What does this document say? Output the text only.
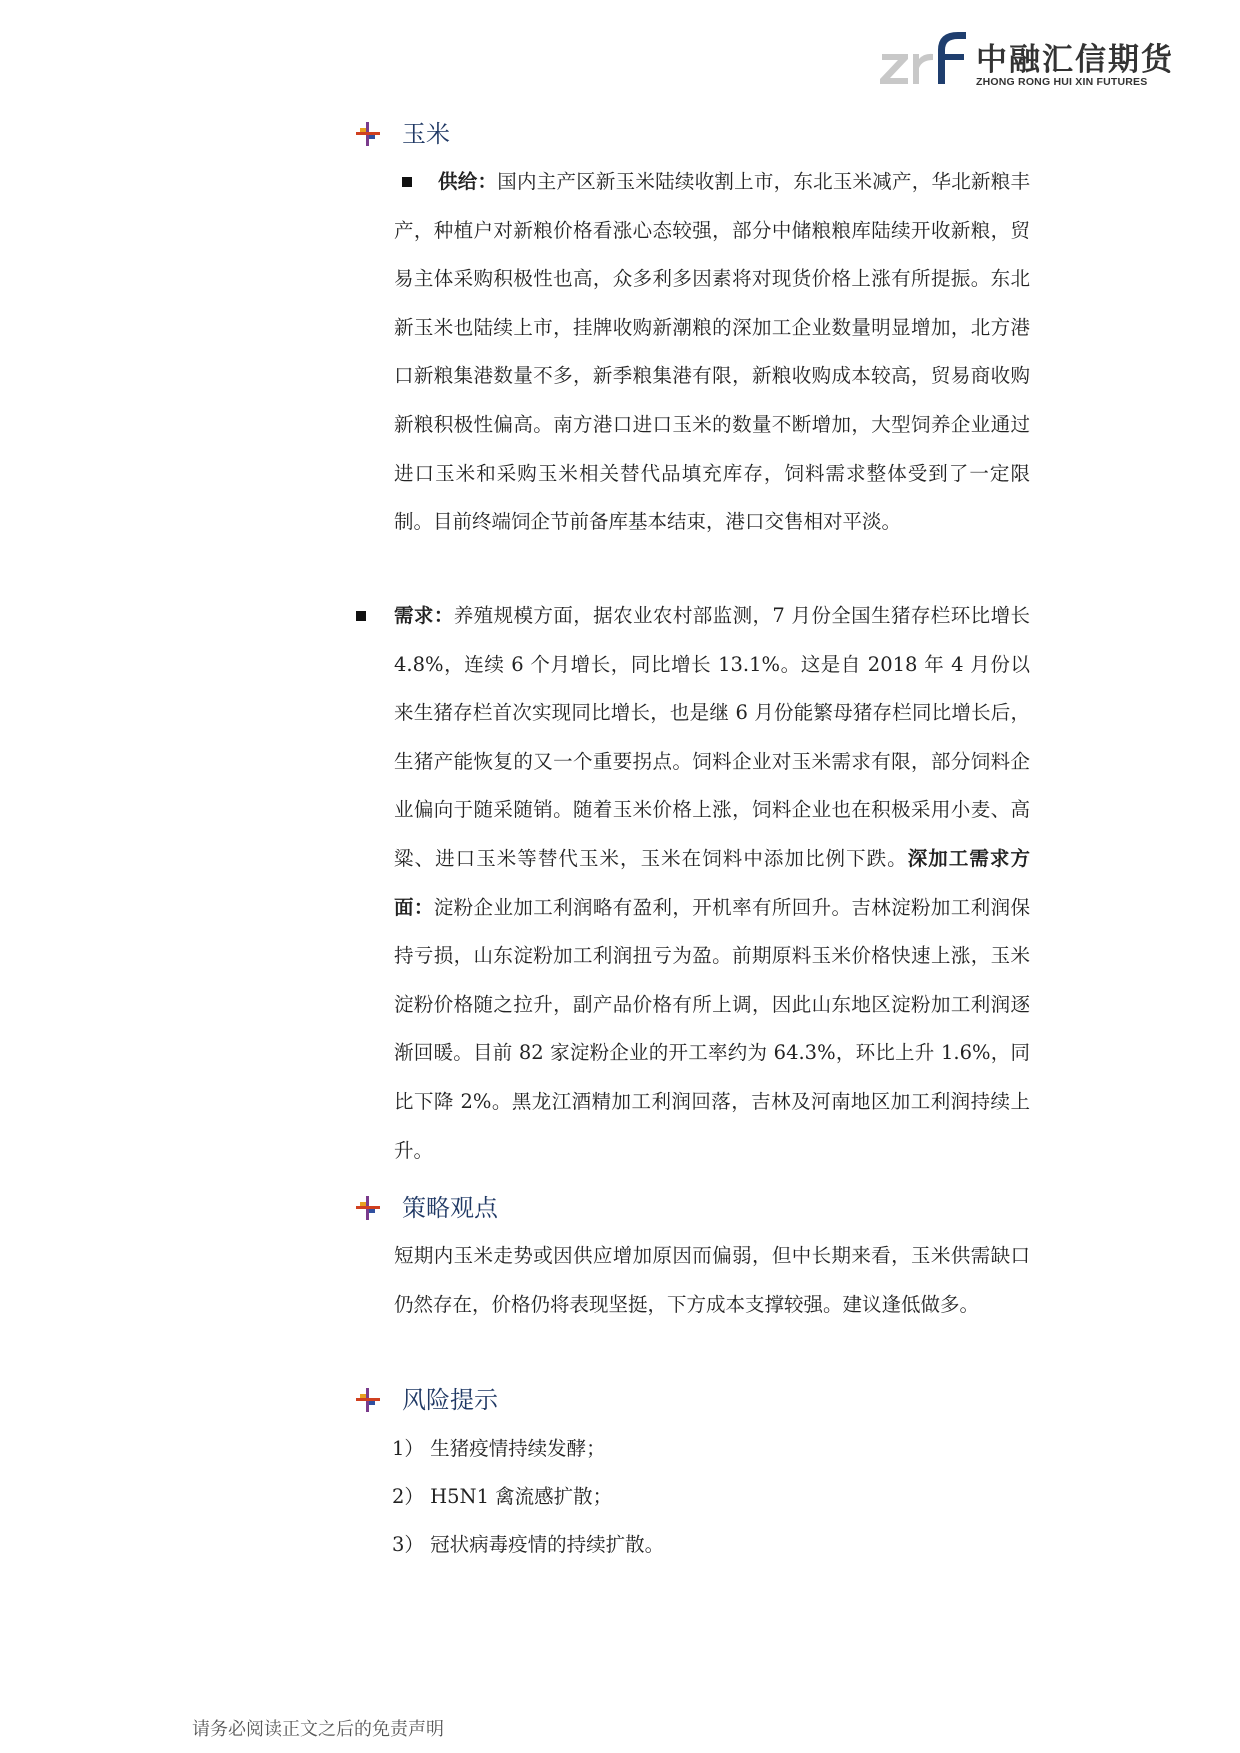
中融汇信期货
ZHONG RONG HUI XIN FUTURES
玉米
供给：国内主产区新玉米陆续收割上市，东北玉米减产，华北新粮丰产，种植户对新粮价格看涨心态较强，部分中储粮粮库陆续开收新粮，贸易主体采购积极性也高，众多利多因素将对现货价格上涨有所提振。东北新玉米也陆续上市，挂牌收购新潮粮的深加工企业数量明显增加，北方港口新粮集港数量不多，新季粮集港有限，新粮收购成本较高，贸易商收购新粮积极性偏高。南方港口进口玉米的数量不断增加，大型饲养企业通过进口玉米和采购玉米相关替代品填充库存，饲料需求整体受到了一定限制。目前终端饲企节前备库基本结束，港口交售相对平淡。
需求：养殖规模方面，据农业农村部监测，7 月份全国生猪存栏环比增长 4.8%，连续 6 个月增长，同比增长 13.1%。这是自 2018 年 4 月份以来生猪存栏首次实现同比增长，也是继 6 月份能繁母猪存栏同比增长后，生猪产能恢复的又一个重要拐点。饲料企业对玉米需求有限，部分饲料企业偏向于随采随销。随着玉米价格上涨，饲料企业也在积极采用小麦、高粱、进口玉米等替代玉米，玉米在饲料中添加比例下跌。深加工需求方面：淀粉企业加工利润略有盈利，开机率有所回升。吉林淀粉加工利润保持亏损，山东淀粉加工利润扭亏为盈。前期原料玉米价格快速上涨，玉米淀粉价格随之拉升，副产品价格有所上调，因此山东地区淀粉加工利润逐渐回暖。目前 82 家淀粉企业的开工率约为 64.3%，环比上升 1.6%，同比下降 2%。黑龙江酒精加工利润回落，吉林及河南地区加工利润持续上升。
策略观点
短期内玉米走势或因供应增加原因而偏弱，但中长期来看，玉米供需缺口仍然存在，价格仍将表现坚挺，下方成本支撑较强。建议逢低做多。
风险提示
1） 生猪疫情持续发酵；
2） H5N1 禽流感扩散；
3） 冠状病毒疫情的持续扩散。
请务必阅读正文之后的免责声明
